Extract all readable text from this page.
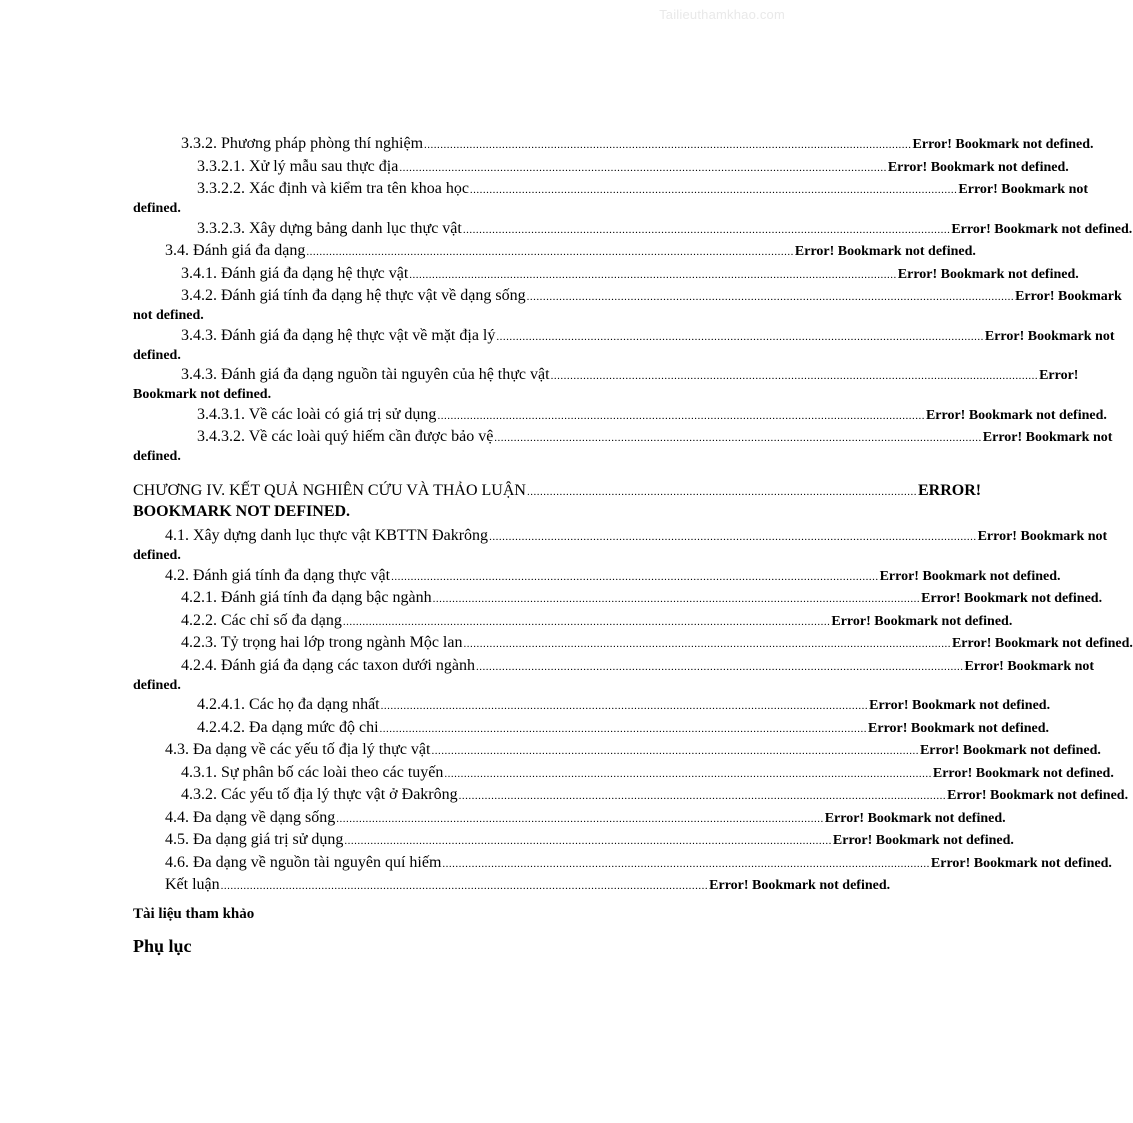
Tailieuthamkhao.com
3.3.2. Phương pháp phòng thí nghiệm ...................................................................................................................................................... Error! Bookmark not defined.
3.3.2.1. Xử lý mẫu sau thực địa ...................................................................................................................................................... Error! Bookmark not defined.
3.3.2.2. Xác định và kiểm tra tên khoa học ...................................................................................................................................................... Error! Bookmark not
defined.
3.3.2.3. Xây dựng bảng danh lục thực vật ...................................................................................................................................................... Error! Bookmark not defined.
3.4. Đánh giá đa dạng ...................................................................................................................................................... Error! Bookmark not defined.
3.4.1. Đánh giá đa dạng hệ thực vật ...................................................................................................................................................... Error! Bookmark not defined.
3.4.2. Đánh giá tính đa dạng hệ thực vật về dạng sống ...................................................................................................................................................... Error! Bookmark
not defined.
3.4.3. Đánh giá đa dạng hệ thực vật về mặt địa lý ...................................................................................................................................................... Error! Bookmark not
defined.
3.4.3. Đánh giá đa dạng nguồn tài nguyên của hệ thực vật ...................................................................................................................................................... Error!
Bookmark not defined.
3.4.3.1. Về các loài có giá trị sử dụng ...................................................................................................................................................... Error! Bookmark not defined.
3.4.3.2. Về các loài quý hiếm cần được bảo vệ ...................................................................................................................................................... Error! Bookmark not
defined.
CHƯƠNG IV. KẾT QUẢ NGHIÊN CỨU VÀ THẢO LUẬN ........................................................................................................................ ERROR!
BOOKMARK NOT DEFINED.
4.1. Xây dựng danh lục thực vật KBTTN Đakrông ...................................................................................................................................................... Error! Bookmark not
defined.
4.2. Đánh giá tính đa dạng thực vật ...................................................................................................................................................... Error! Bookmark not defined.
4.2.1. Đánh giá tính đa dạng bậc ngành ...................................................................................................................................................... Error! Bookmark not defined.
4.2.2. Các chỉ số đa dạng ...................................................................................................................................................... Error! Bookmark not defined.
4.2.3. Tỷ trọng hai lớp trong ngành Mộc lan ...................................................................................................................................................... Error! Bookmark not defined.
4.2.4. Đánh giá đa dạng các taxon dưới ngành ...................................................................................................................................................... Error! Bookmark not
defined.
4.2.4.1. Các họ đa dạng nhất ...................................................................................................................................................... Error! Bookmark not defined.
4.2.4.2. Đa dạng mức độ chi ...................................................................................................................................................... Error! Bookmark not defined.
4.3. Đa dạng về các yếu tố địa lý thực vật ...................................................................................................................................................... Error! Bookmark not defined.
4.3.1. Sự phân bố các loài theo các tuyến ...................................................................................................................................................... Error! Bookmark not defined.
4.3.2. Các yếu tố địa lý thực vật ở Đakrông ...................................................................................................................................................... Error! Bookmark not defined.
4.4. Đa dạng về dạng sống ...................................................................................................................................................... Error! Bookmark not defined.
4.5. Đa dạng giá trị sử dụng ...................................................................................................................................................... Error! Bookmark not defined.
4.6. Đa dạng về nguồn tài nguyên quí hiếm ...................................................................................................................................................... Error! Bookmark not defined.
Kết luận ...................................................................................................................................................... Error! Bookmark not defined.
Tài liệu tham khảo
Phụ lục
